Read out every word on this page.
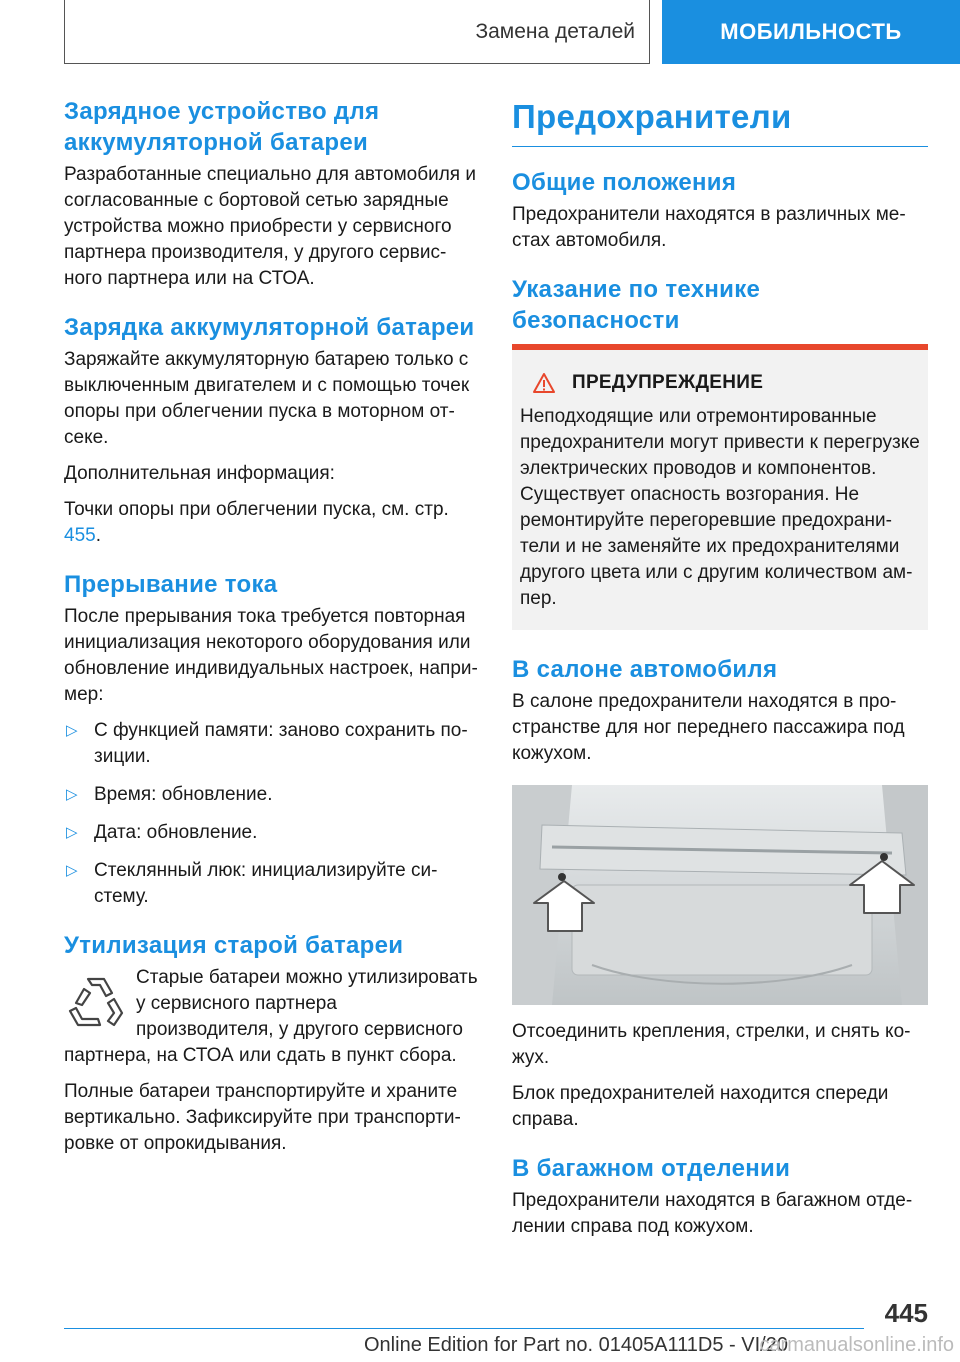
Замена деталей	МОБИЛЬНОСТЬ
Зарядное устройство для аккумуляторной батареи

Разработанные специально для автомобиля и согласованные с бортовой сетью зарядные устройства можно приобрести у сервисного партнера производителя, у другого сервисного партнера или на СТОА.

Зарядка аккумуляторной батареи

Заряжайте аккумуляторную батарею только с выключенным двигателем и с помощью точек опоры при облегчении пуска в моторном отсеке.

Дополнительная информация:

Точки опоры при облегчении пуска, см. стр. 455.

Прерывание тока

После прерывания тока требуется повторная инициализация некоторого оборудования или обновление индивидуальных настроек, например:

▷ С функцией памяти: заново сохранить позиции.
▷ Время: обновление.
▷ Дата: обновление.
▷ Стеклянный люк: инициализируйте систему.
Утилизация старой батареи

Старые батареи можно утилизировать у сервисного партнера производителя, у другого сервисного партнера, на СТОА или сдать в пункт сбора.

Полные батареи транспортируйте и храните вертикально. Зафиксируйте при транспортировке от опрокидывания.

Предохранители
Общие положения

Предохранители находятся в различных местах автомобиля.

Указание по технике безопасности
ПРЕДУПРЕЖДЕНИЕ

Неподходящие или отремонтированные предохранители могут привести к перегрузке электрических проводов и компонентов. Существует опасность возгорания. Не ремонтируйте перегоревшие предохранители и не заменяйте их предохранителями другого цвета или с другим количеством ампер.

В салоне автомобиля

В салоне предохранители находятся в пространстве для ног переднего пассажира под кожухом.

Отсоединить крепления, стрелки, и снять кожух.

Блок предохранителей находится спереди справа.

В багажном отделении

Предохранители находятся в багажном отделении справа под кожухом.

445
Online Edition for Part no. 01405A111D5 - VI/20
carmanualsonline.info
